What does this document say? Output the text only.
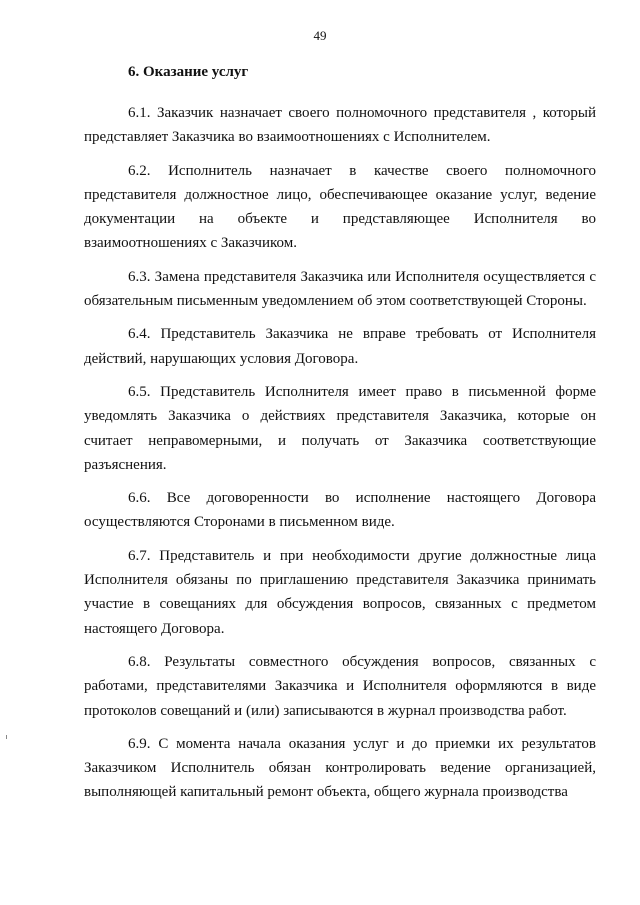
49
6. Оказание услуг

6.1. Заказчик назначает своего полномочного представителя , который представляет Заказчика во взаимоотношениях с Исполнителем.

6.2. Исполнитель назначает в качестве своего полномочного представителя должностное лицо, обеспечивающее оказание услуг, ведение документации на объекте и представляющее Исполнителя во взаимоотношениях с Заказчиком.

6.3. Замена представителя Заказчика или Исполнителя осуществляется с обязательным письменным уведомлением об этом соответствующей Стороны.

6.4. Представитель Заказчика не вправе требовать от Исполнителя действий, нарушающих условия Договора.

6.5. Представитель Исполнителя имеет право в письменной форме уведомлять Заказчика о действиях представителя Заказчика, которые он считает неправомерными, и получать от Заказчика соответствующие разъяснения.

6.6. Все договоренности во исполнение настоящего Договора осуществляются Сторонами в письменном виде.

6.7. Представитель и при необходимости другие должностные лица Исполнителя обязаны по приглашению представителя Заказчика принимать участие в совещаниях для обсуждения вопросов, связанных с предметом настоящего Договора.

6.8. Результаты совместного обсуждения вопросов, связанных с работами, представителями Заказчика и Исполнителя оформляются в виде протоколов совещаний и (или) записываются в журнал производства работ.

6.9. С момента начала оказания услуг и до приемки их результатов Заказчиком Исполнитель обязан контролировать ведение организацией, выполняющей капитальный ремонт объекта, общего журнала производства
